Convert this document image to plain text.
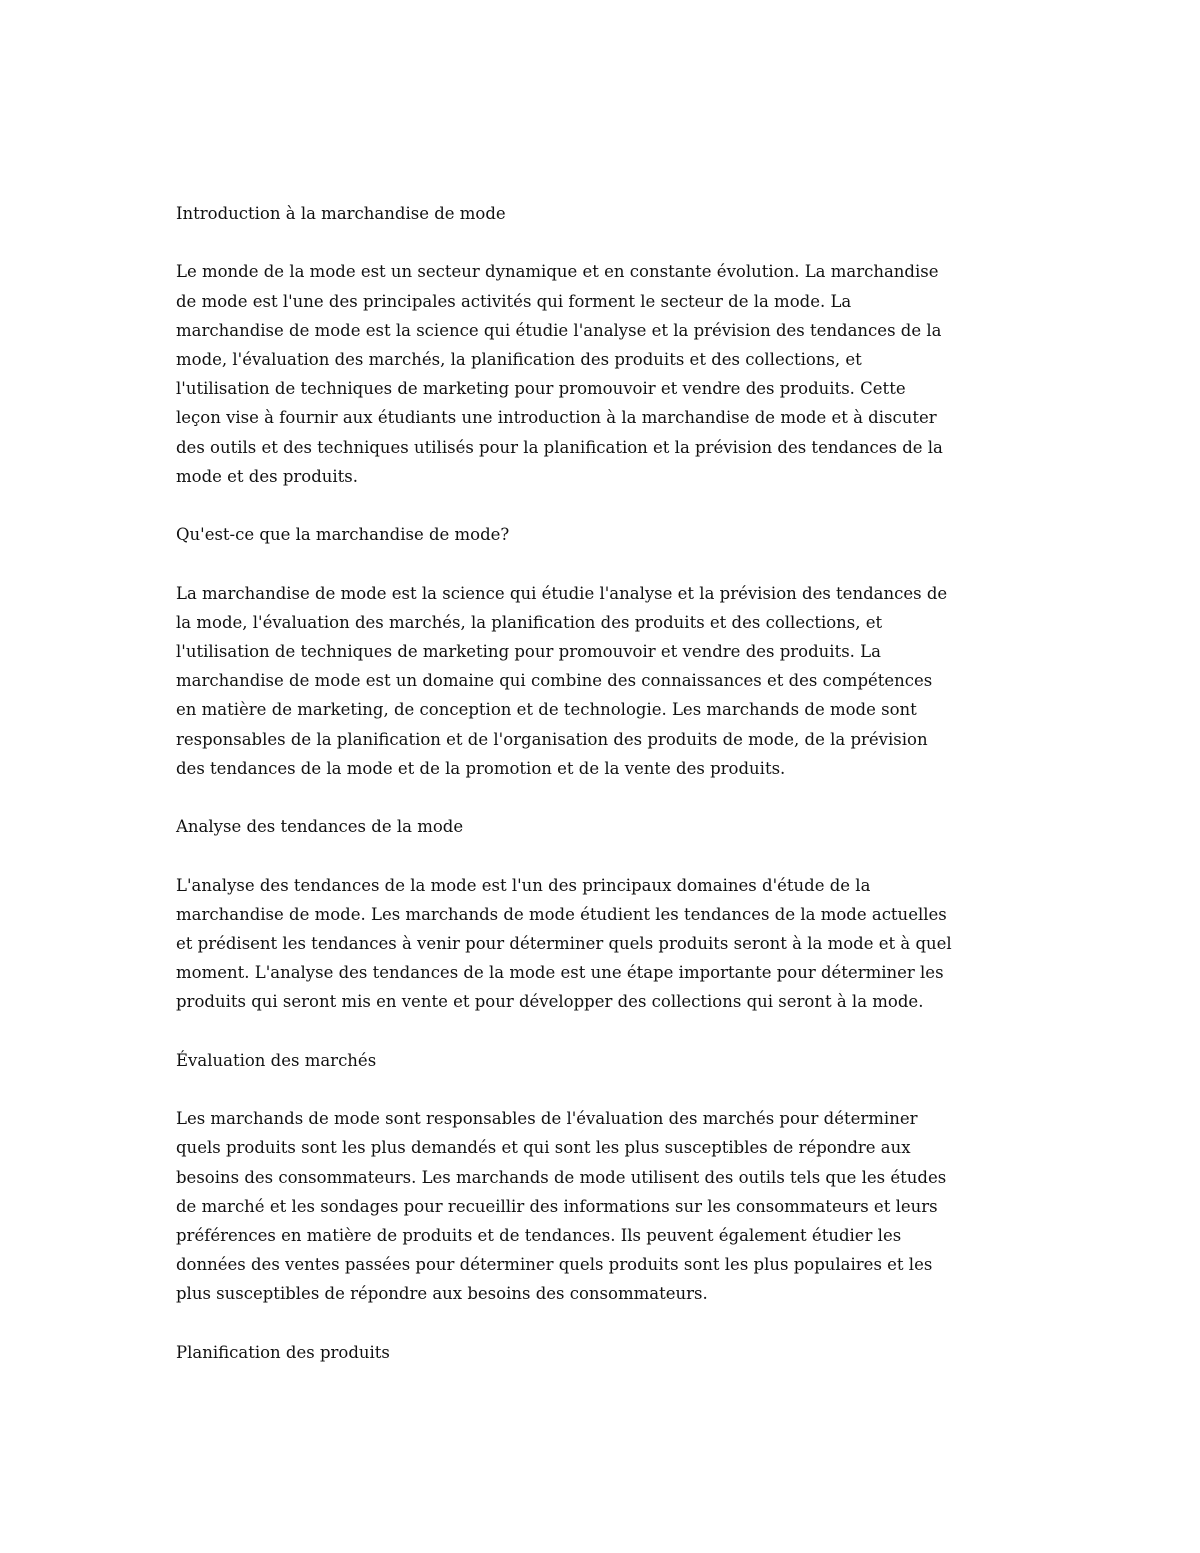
Introduction à la marchandise de mode

Le monde de la mode est un secteur dynamique et en constante évolution. La marchandise
de mode est l'une des principales activités qui forment le secteur de la mode. La
marchandise de mode est la science qui étudie l'analyse et la prévision des tendances de la
mode, l'évaluation des marchés, la planification des produits et des collections, et
l'utilisation de techniques de marketing pour promouvoir et vendre des produits. Cette
leçon vise à fournir aux étudiants une introduction à la marchandise de mode et à discuter
des outils et des techniques utilisés pour la planification et la prévision des tendances de la
mode et des produits.

Qu'est-ce que la marchandise de mode?

La marchandise de mode est la science qui étudie l'analyse et la prévision des tendances de
la mode, l'évaluation des marchés, la planification des produits et des collections, et
l'utilisation de techniques de marketing pour promouvoir et vendre des produits. La
marchandise de mode est un domaine qui combine des connaissances et des compétences
en matière de marketing, de conception et de technologie. Les marchands de mode sont
responsables de la planification et de l'organisation des produits de mode, de la prévision
des tendances de la mode et de la promotion et de la vente des produits.

Analyse des tendances de la mode

L'analyse des tendances de la mode est l'un des principaux domaines d'étude de la
marchandise de mode. Les marchands de mode étudient les tendances de la mode actuelles
et prédisent les tendances à venir pour déterminer quels produits seront à la mode et à quel
moment. L'analyse des tendances de la mode est une étape importante pour déterminer les
produits qui seront mis en vente et pour développer des collections qui seront à la mode.

Évaluation des marchés

Les marchands de mode sont responsables de l'évaluation des marchés pour déterminer
quels produits sont les plus demandés et qui sont les plus susceptibles de répondre aux
besoins des consommateurs. Les marchands de mode utilisent des outils tels que les études
de marché et les sondages pour recueillir des informations sur les consommateurs et leurs
préférences en matière de produits et de tendances. Ils peuvent également étudier les
données des ventes passées pour déterminer quels produits sont les plus populaires et les
plus susceptibles de répondre aux besoins des consommateurs.

Planification des produits
